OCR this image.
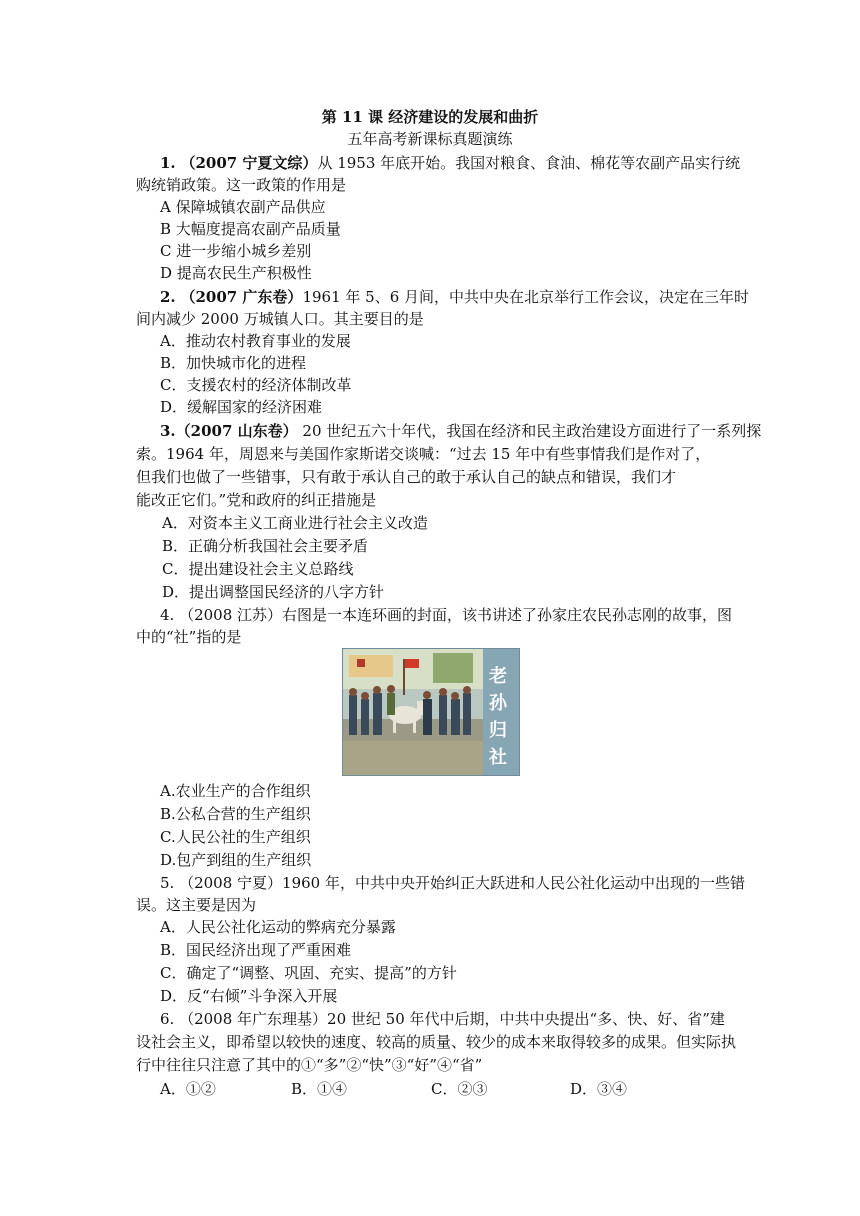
第 11 课 经济建设的发展和曲折
五年高考新课标真题演练
1. （2007 宁夏文综）从 1953 年底开始。我国对粮食、食油、棉花等农副产品实行统
购统销政策。这一政策的作用是
A 保障城镇农副产品供应
B 大幅度提高农副产品质量
C 进一步缩小城乡差别
D 提高农民生产积极性
2. （2007 广东卷）1961 年 5、6 月间，中共中央在北京举行工作会议，决定在三年时
间内减少 2000 万城镇人口。其主要目的是
A．推动农村教育事业的发展
B．加快城市化的进程
C．支援农村的经济体制改革
D．缓解国家的经济困难
3.（2007 山东卷） 20 世纪五六十年代，我国在经济和民主政治建设方面进行了一系列探
索。1964 年，周恩来与美国作家斯诺交谈喊：“过去 15 年中有些事情我们是作对了，
但我们也做了一些错事，只有敢于承认自己的敢于承认自己的缺点和错误，我们才
能改正它们。”党和政府的纠正措施是
A．对资本主义工商业进行社会主义改造
B．正确分析我国社会主要矛盾
C．提出建设社会主义总路线
D．提出调整国民经济的八字方针
4. （2008 江苏）右图是一本连环画的封面，该书讲述了孙家庄农民孙志刚的故事，图
中的“社”指的是
老孙归社
A.农业生产的合作组织
B.公私合营的生产组织
C.人民公社的生产组织
D.包产到组的生产组织
5. （2008 宁夏）1960 年，中共中央开始纠正大跃进和人民公社化运动中出现的一些错
误。这主要是因为
A．人民公社化运动的弊病充分暴露
B．国民经济出现了严重困难
C．确定了“调整、巩固、充实、提高”的方针
D．反“右倾”斗争深入开展
6. （2008 年广东理基）20 世纪 50 年代中后期，中共中央提出“多、快、好、省”建
设社会主义，即希望以较快的速度、较高的质量、较少的成本来取得较多的成果。但实际执
行中往往只注意了其中的①“多”②“快”③“好”④“省”
A．①②	B．①④	C．②③	D．③④
